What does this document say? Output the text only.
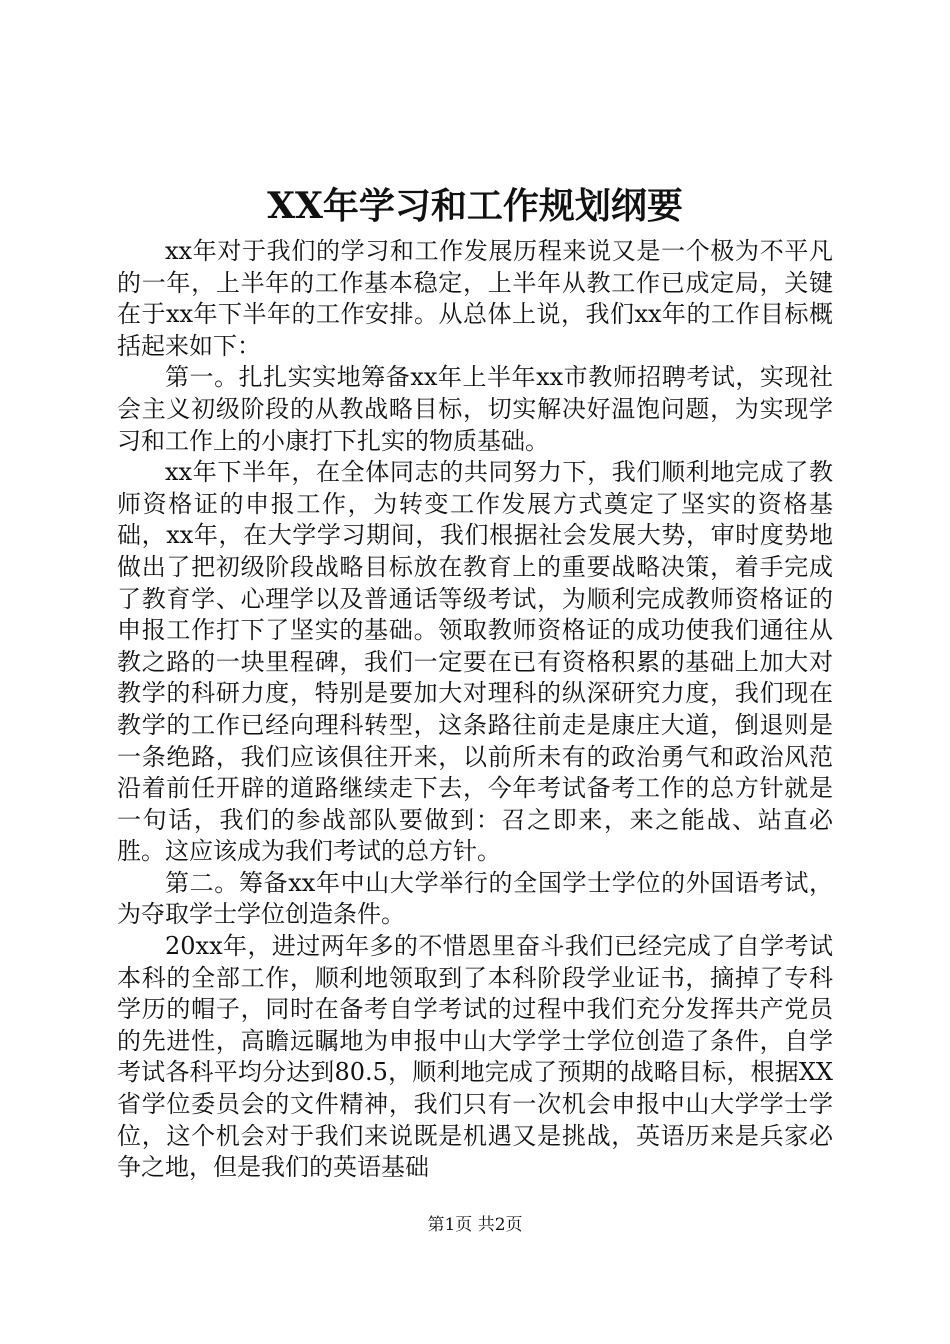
XX年学习和工作规划纲要

xx年对于我们的学习和工作发展历程来说又是一个极为不平凡的一年，上半年的工作基本稳定，上半年从教工作已成定局，关键在于xx年下半年的工作安排。从总体上说，我们xx年的工作目标概括起来如下：

第一。扎扎实实地筹备xx年上半年xx市教师招聘考试，实现社会主义初级阶段的从教战略目标，切实解决好温饱问题，为实现学习和工作上的小康打下扎实的物质基础。

xx年下半年，在全体同志的共同努力下，我们顺利地完成了教师资格证的申报工作，为转变工作发展方式奠定了坚实的资格基础，xx年，在大学学习期间，我们根据社会发展大势，审时度势地做出了把初级阶段战略目标放在教育上的重要战略决策，着手完成了教育学、心理学以及普通话等级考试，为顺利完成教师资格证的申报工作打下了坚实的基础。领取教师资格证的成功使我们通往从教之路的一块里程碑，我们一定要在已有资格积累的基础上加大对教学的科研力度，特别是要加大对理科的纵深研究力度，我们现在教学的工作已经向理科转型，这条路往前走是康庄大道，倒退则是一条绝路，我们应该俱往开来，以前所未有的政治勇气和政治风范沿着前任开辟的道路继续走下去，今年考试备考工作的总方针就是一句话，我们的参战部队要做到：召之即来，来之能战、站直必胜。这应该成为我们考试的总方针。

第二。筹备xx年中山大学举行的全国学士学位的外国语考试，为夺取学士学位创造条件。

20xx年，进过两年多的不惜恩里奋斗我们已经完成了自学考试本科的全部工作，顺利地领取到了本科阶段学业证书，摘掉了专科学历的帽子，同时在备考自学考试的过程中我们充分发挥共产党员的先进性，高瞻远瞩地为申报中山大学学士学位创造了条件，自学考试各科平均分达到80.5，顺利地完成了预期的战略目标，根据XX省学位委员会的文件精神，我们只有一次机会申报中山大学学士学位，这个机会对于我们来说既是机遇又是挑战，英语历来是兵家必争之地，但是我们的英语基础

第1页 共2页
